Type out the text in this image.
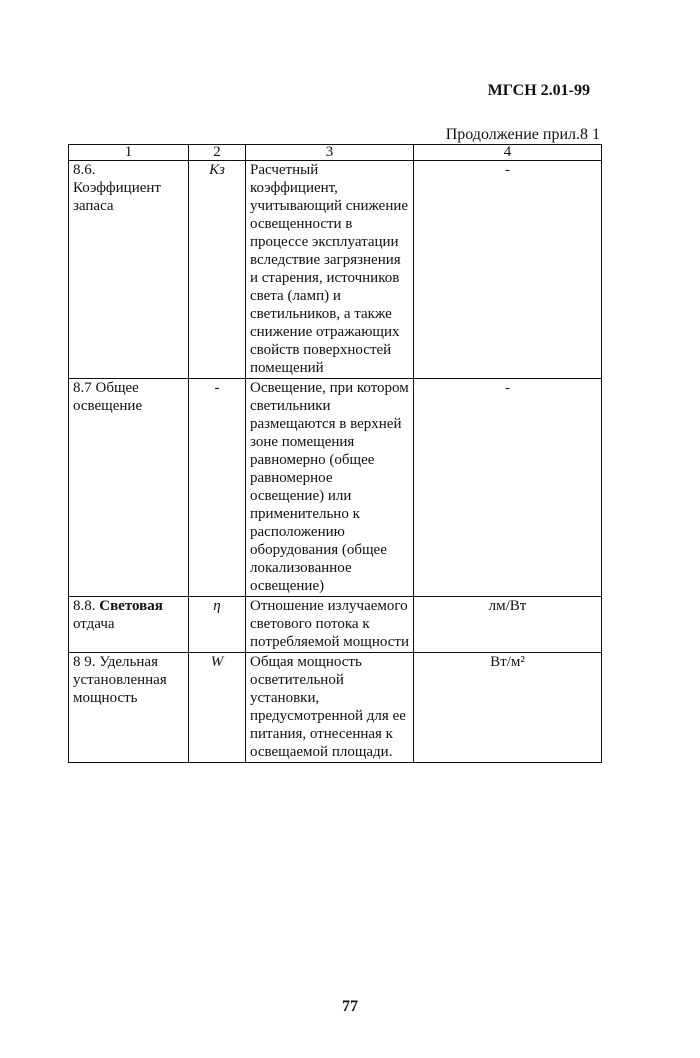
МГСН 2.01-99
Продолжение прил.8 1
1	2	3	4
8.6. Коэффициент запаса	Кз	Расчетный коэффициент, учитывающий снижение освещенности в процессе эксплуатации вследствие загрязнения и старения, источников света (ламп) и светильников, а также снижение отражающих свойств поверхностей помещений	-
8.7 Общее освещение	-	Освещение, при котором светильники размещаются в верхней зоне помещения равномерно (общее равномерное освещение) или применительно к расположению оборудования (общее локализованное освещение)	-
8.8. Световая отдача	η	Отношение излучаемого светового потока к потребляемой мощности	лм/Вт
8 9. Удельная установленная мощность	W	Общая мощность осветительной установки, предусмотренной для ее питания, отнесенная к освещаемой площади.	Вт/м²
77
